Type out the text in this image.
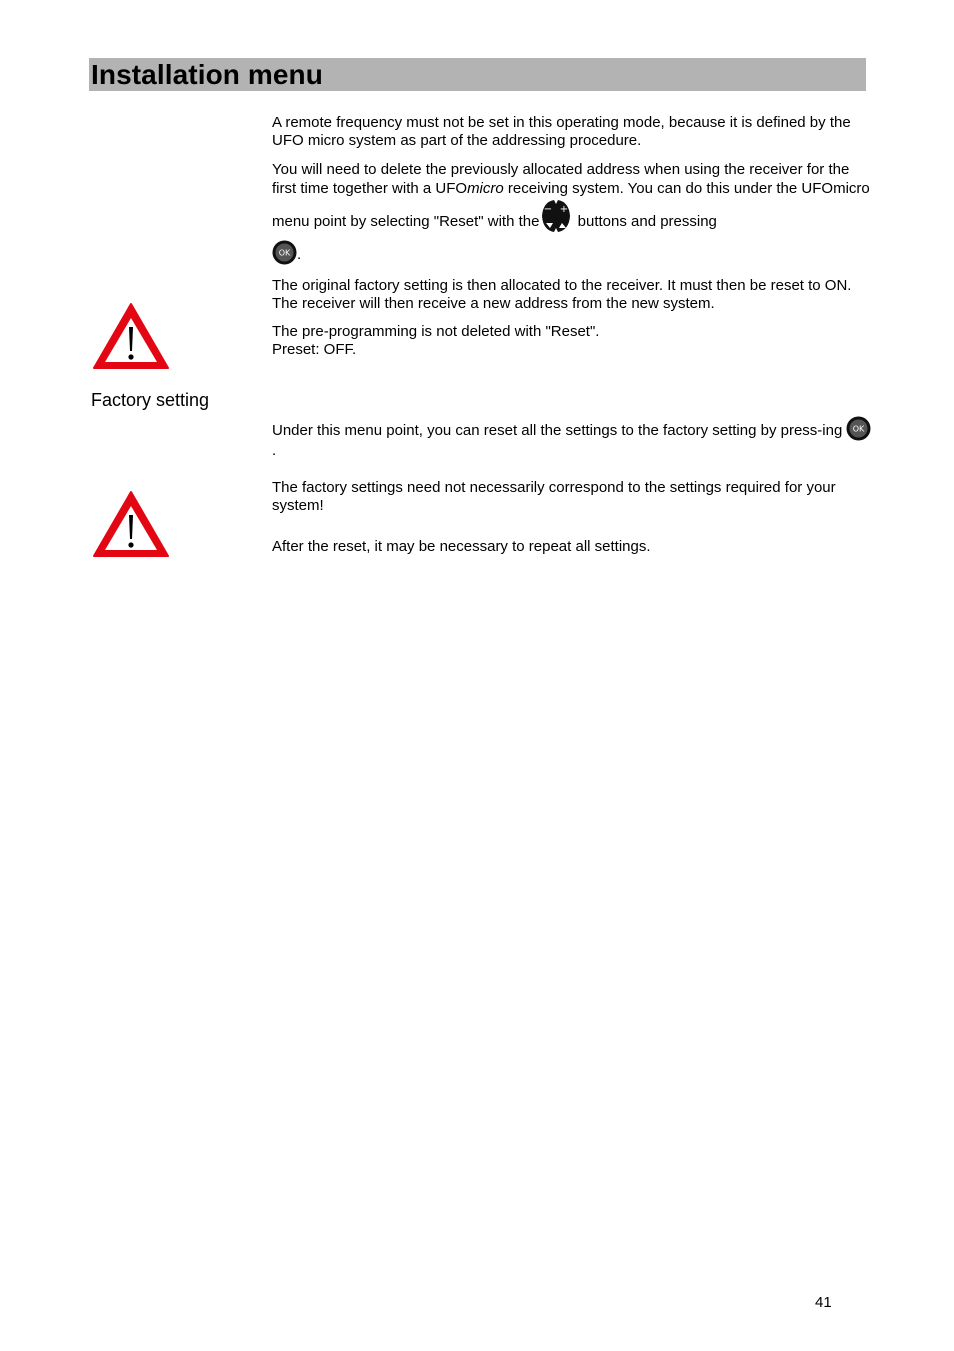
Installation menu

A remote frequency must not be set in this operating mode, because it is defined by the UFO micro system as part of the addressing procedure.

You will need to delete the previously allocated address when using the receiver for the first time together with a UFOmicro receiving system. You can do this under the UFOmicro menu point by selecting "Reset" with the
− +
buttons and pressing

OK .

The original factory setting is then allocated to the receiver. It must then be reset to ON. The receiver will then receive a new address from the new system.

The pre-programming is not deleted with "Reset".
Preset: OFF.

Factory setting

Under this menu point, you can reset all the settings to the factory setting by press-ing OK
.

The factory settings need not necessarily correspond to the settings required for your system!

After the reset, it may be necessary to repeat all settings.

41
